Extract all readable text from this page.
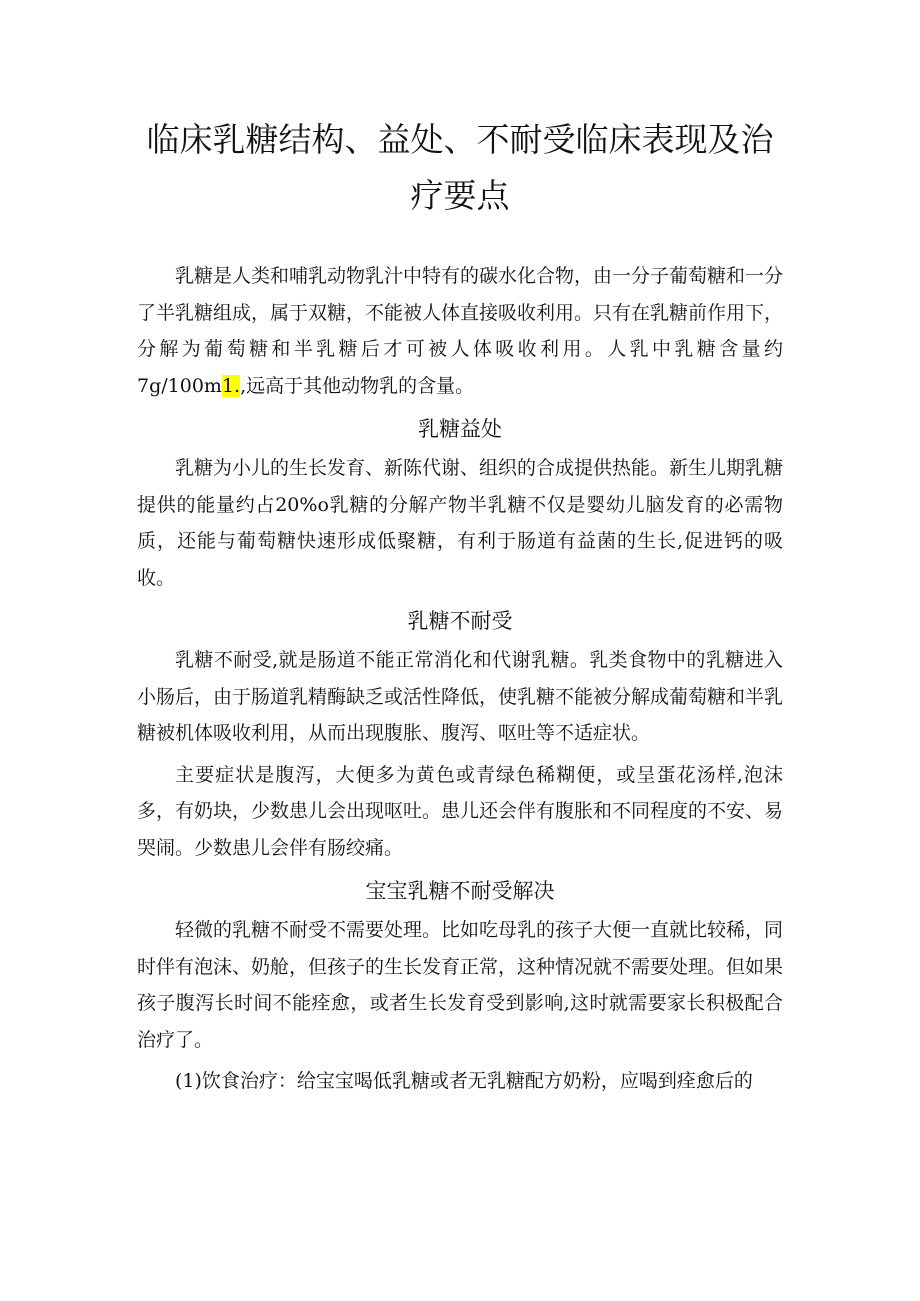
临床乳糖结构、益处、不耐受临床表现及治疗要点

乳糖是人类和哺乳动物乳汁中特有的碳水化合物，由一分子葡萄糖和一分了半乳糖组成，属于双糖，不能被人体直接吸收利用。只有在乳糖前作用下，分解为葡萄糖和半乳糖后才可被人体吸收利用。人乳中乳糖含量约7g∕100m1.,远高于其他动物乳的含量。

乳糖益处

乳糖为小儿的生长发育、新陈代谢、组织的合成提供热能。新生儿期乳糖提供的能量约占20%o乳糖的分解产物半乳糖不仅是婴幼儿脑发育的必需物质，还能与葡萄糖快速形成低聚糖，有利于肠道有益菌的生长,促进钙的吸收。

乳糖不耐受

乳糖不耐受,就是肠道不能正常消化和代谢乳糖。乳类食物中的乳糖进入小肠后，由于肠道乳精酶缺乏或活性降低，使乳糖不能被分解成葡萄糖和半乳糖被机体吸收利用，从而出现腹胀、腹泻、呕吐等不适症状。

主要症状是腹泻，大便多为黄色或青绿色稀糊便，或呈蛋花汤样,泡沫多，有奶块，少数患儿会出现呕吐。患儿还会伴有腹胀和不同程度的不安、易哭闹。少数患儿会伴有肠绞痛。

宝宝乳糖不耐受解决

轻微的乳糖不耐受不需要处理。比如吃母乳的孩子大便一直就比较稀，同时伴有泡沫、奶舱，但孩子的生长发育正常，这种情况就不需要处理。但如果孩子腹泻长时间不能痊愈，或者生长发育受到影响,这时就需要家长积极配合治疗了。

(1)饮食治疗：给宝宝喝低乳糖或者无乳糖配方奶粉，应喝到痊愈后的
